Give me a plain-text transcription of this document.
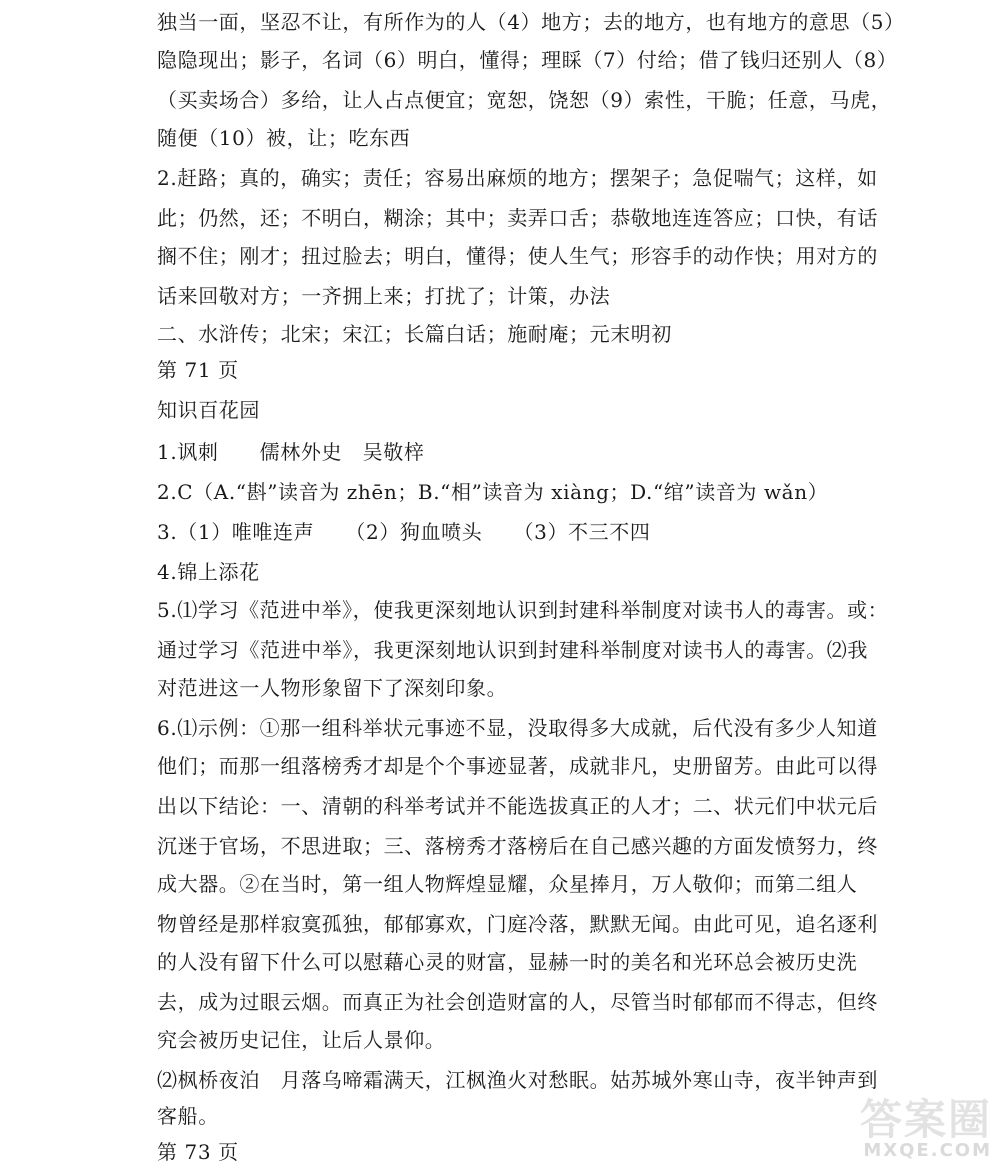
独当一面，坚忍不让，有所作为的人（4）地方；去的地方，也有地方的意思（5）
隐隐现出；影子，名词（6）明白，懂得；理睬（7）付给；借了钱归还别人（8）
（买卖场合）多给，让人占点便宜；宽恕，饶恕（9）索性，干脆；任意，马虎，
随便（10）被，让；吃东西
2.赶路；真的，确实；责任；容易出麻烦的地方；摆架子；急促喘气；这样，如
此；仍然，还；不明白，糊涂；其中；卖弄口舌；恭敬地连连答应；口快，有话
搁不住；刚才；扭过脸去；明白，懂得；使人生气；形容手的动作快；用对方的
话来回敬对方；一齐拥上来；打扰了；计策，办法
二、水浒传；北宋；宋江；长篇白话；施耐庵；元末明初
第 71 页
知识百花园
1.讽刺　　儒林外史　吴敬梓
2.C（A.“斟”读音为 zhēn；B.“相”读音为 xiàng；D.“绾”读音为 wǎn）
3.（1）唯唯连声　　（2）狗血喷头　　（3）不三不四
4.锦上添花
5.⑴学习《范进中举》，使我更深刻地认识到封建科举制度对读书人的毒害。或：
通过学习《范进中举》，我更深刻地认识到封建科举制度对读书人的毒害。⑵我
对范进这一人物形象留下了深刻印象。
6.⑴示例：①那一组科举状元事迹不显，没取得多大成就，后代没有多少人知道
他们；而那一组落榜秀才却是个个事迹显著，成就非凡，史册留芳。由此可以得
出以下结论：一、清朝的科举考试并不能选拔真正的人才；二、状元们中状元后
沉迷于官场，不思进取；三、落榜秀才落榜后在自己感兴趣的方面发愤努力，终
成大器。②在当时，第一组人物辉煌显耀，众星捧月，万人敬仰；而第二组人
物曾经是那样寂寞孤独，郁郁寡欢，门庭冷落，默默无闻。由此可见，追名逐利
的人没有留下什么可以慰藉心灵的财富，显赫一时的美名和光环总会被历史洗
去，成为过眼云烟。而真正为社会创造财富的人，尽管当时郁郁而不得志，但终
究会被历史记住，让后人景仰。
⑵枫桥夜泊　月落乌啼霜满天，江枫渔火对愁眠。姑苏城外寒山寺，夜半钟声到
客船。
第 73 页
答案圈
MXQE.COM
